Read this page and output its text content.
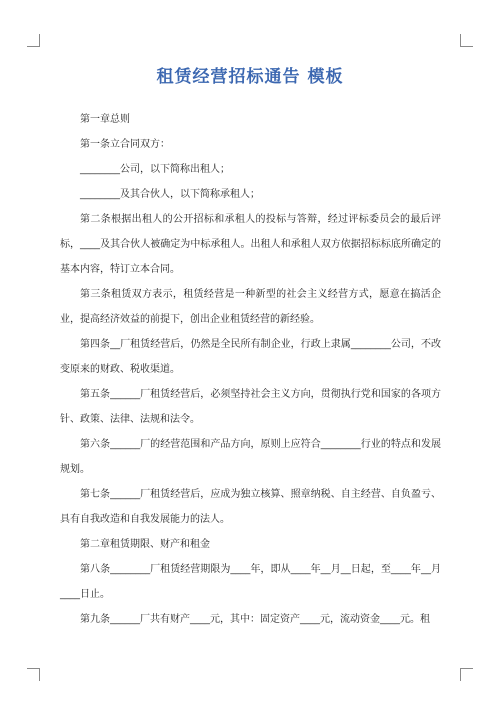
租赁经营招标通告 模板

第一章总则

第一条立合同双方：

________公司，以下简称出租人；

________及其合伙人，以下简称承租人；

第二条根据出租人的公开招标和承租人的投标与答辩，经过评标委员会的最后评标，____及其合伙人被确定为中标承租人。出租人和承租人双方依据招标标底所确定的基本内容，特订立本合同。

第三条租赁双方表示，租赁经营是一种新型的社会主义经营方式，愿意在搞活企业，提高经济效益的前提下，创出企业租赁经营的新经验。

第四条__厂租赁经营后，仍然是全民所有制企业，行政上隶属________公司，不改变原来的财政、税收渠道。

第五条______厂租赁经营后，必须坚持社会主义方向，贯彻执行党和国家的各项方针、政策、法律、法规和法令。

第六条______厂的经营范围和产品方向，原则上应符合________行业的特点和发展规划。

第七条______厂租赁经营后，应成为独立核算、照章纳税、自主经营、自负盈亏、具有自我改造和自我发展能力的法人。

第二章租赁期限、财产和租金

第八条________厂租赁经营期限为____年，即从____年__月__日起，至____年__月____日止。

第九条______厂共有财产____元，其中：固定资产____元，流动资金____元。租
